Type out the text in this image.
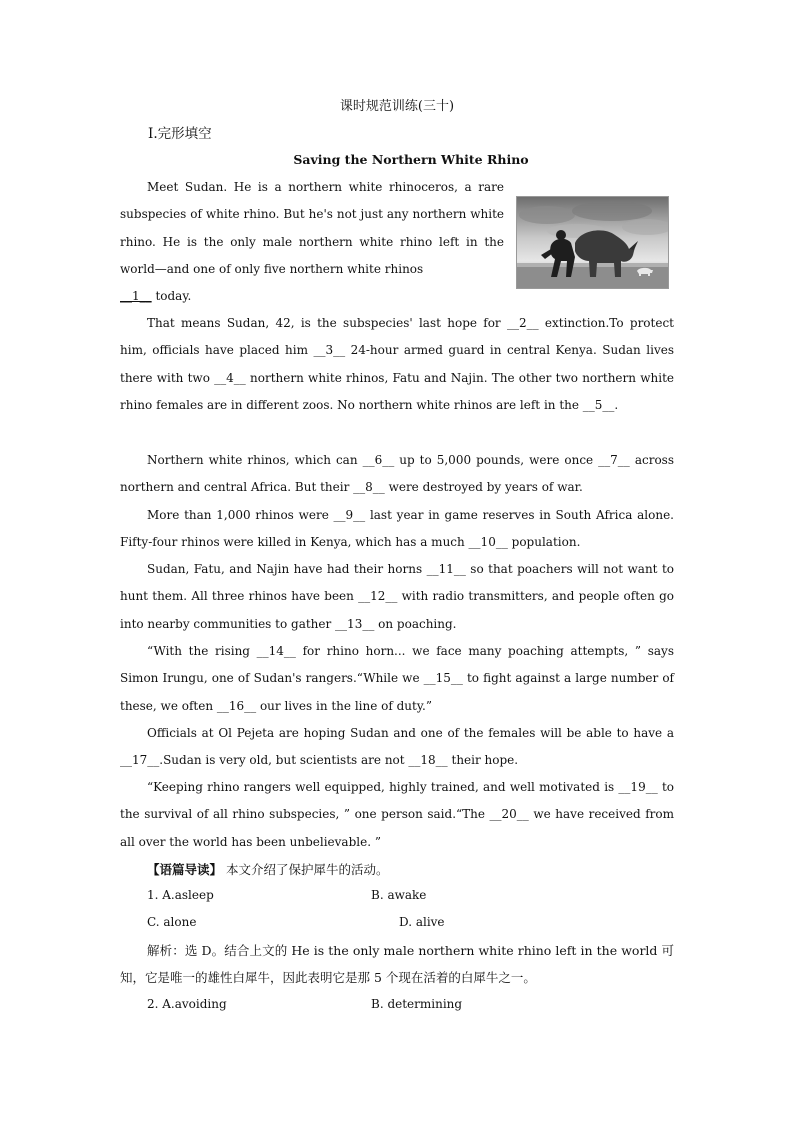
课时规范训练(三十)
Ⅰ.完形填空
Saving the Northern White Rhino
Meet Sudan. He is a northern white rhinoceros, a rare subspecies of white rhino. But he's not just any northern white rhino. He is the only male northern white rhino left in the world—and one of only five northern white rhinos
__1__ today.
That means Sudan, 42, is the subspecies' last hope for __2__ extinction.To protect him, officials have placed him __3__ 24-hour armed guard in central Kenya. Sudan lives there with two __4__ northern white rhinos, Fatu and Najin. The other two northern white rhino females are in different zoos. No northern white rhinos are left in the __5__.
Northern white rhinos, which can __6__ up to 5,000 pounds, were once __7__ across northern and central Africa. But their __8__ were destroyed by years of war.
More than 1,000 rhinos were __9__ last year in game reserves in South Africa alone. Fifty-four rhinos were killed in Kenya, which has a much __10__ population.
Sudan, Fatu, and Najin have had their horns __11__ so that poachers will not want to hunt them. All three rhinos have been __12__ with radio transmitters, and people often go into nearby communities to gather __13__ on poaching.
“With the rising __14__ for rhino horn... we face many poaching attempts, ” says Simon Irungu, one of Sudan's rangers.“While we __15__ to fight against a large number of these, we often __16__ our lives in the line of duty.”
Officials at Ol Pejeta are hoping Sudan and one of the females will be able to have a __17__.Sudan is very old, but scientists are not __18__ their hope.
“Keeping rhino rangers well equipped, highly trained, and well motivated is __19__ to the survival of all rhino subspecies, ” one person said.“The __20__ we have received from all over the world has been unbelievable. ”
【语篇导读】 本文介绍了保护犀牛的活动。
1. A.asleep	B. awake
C. alone	D. alive
解析：选 D。结合上文的 He is the only male northern white rhino left in the world 可知，它是唯一的雄性白犀牛，因此表明它是那 5 个现在活着的白犀牛之一。
2. A.avoiding	B. determining
